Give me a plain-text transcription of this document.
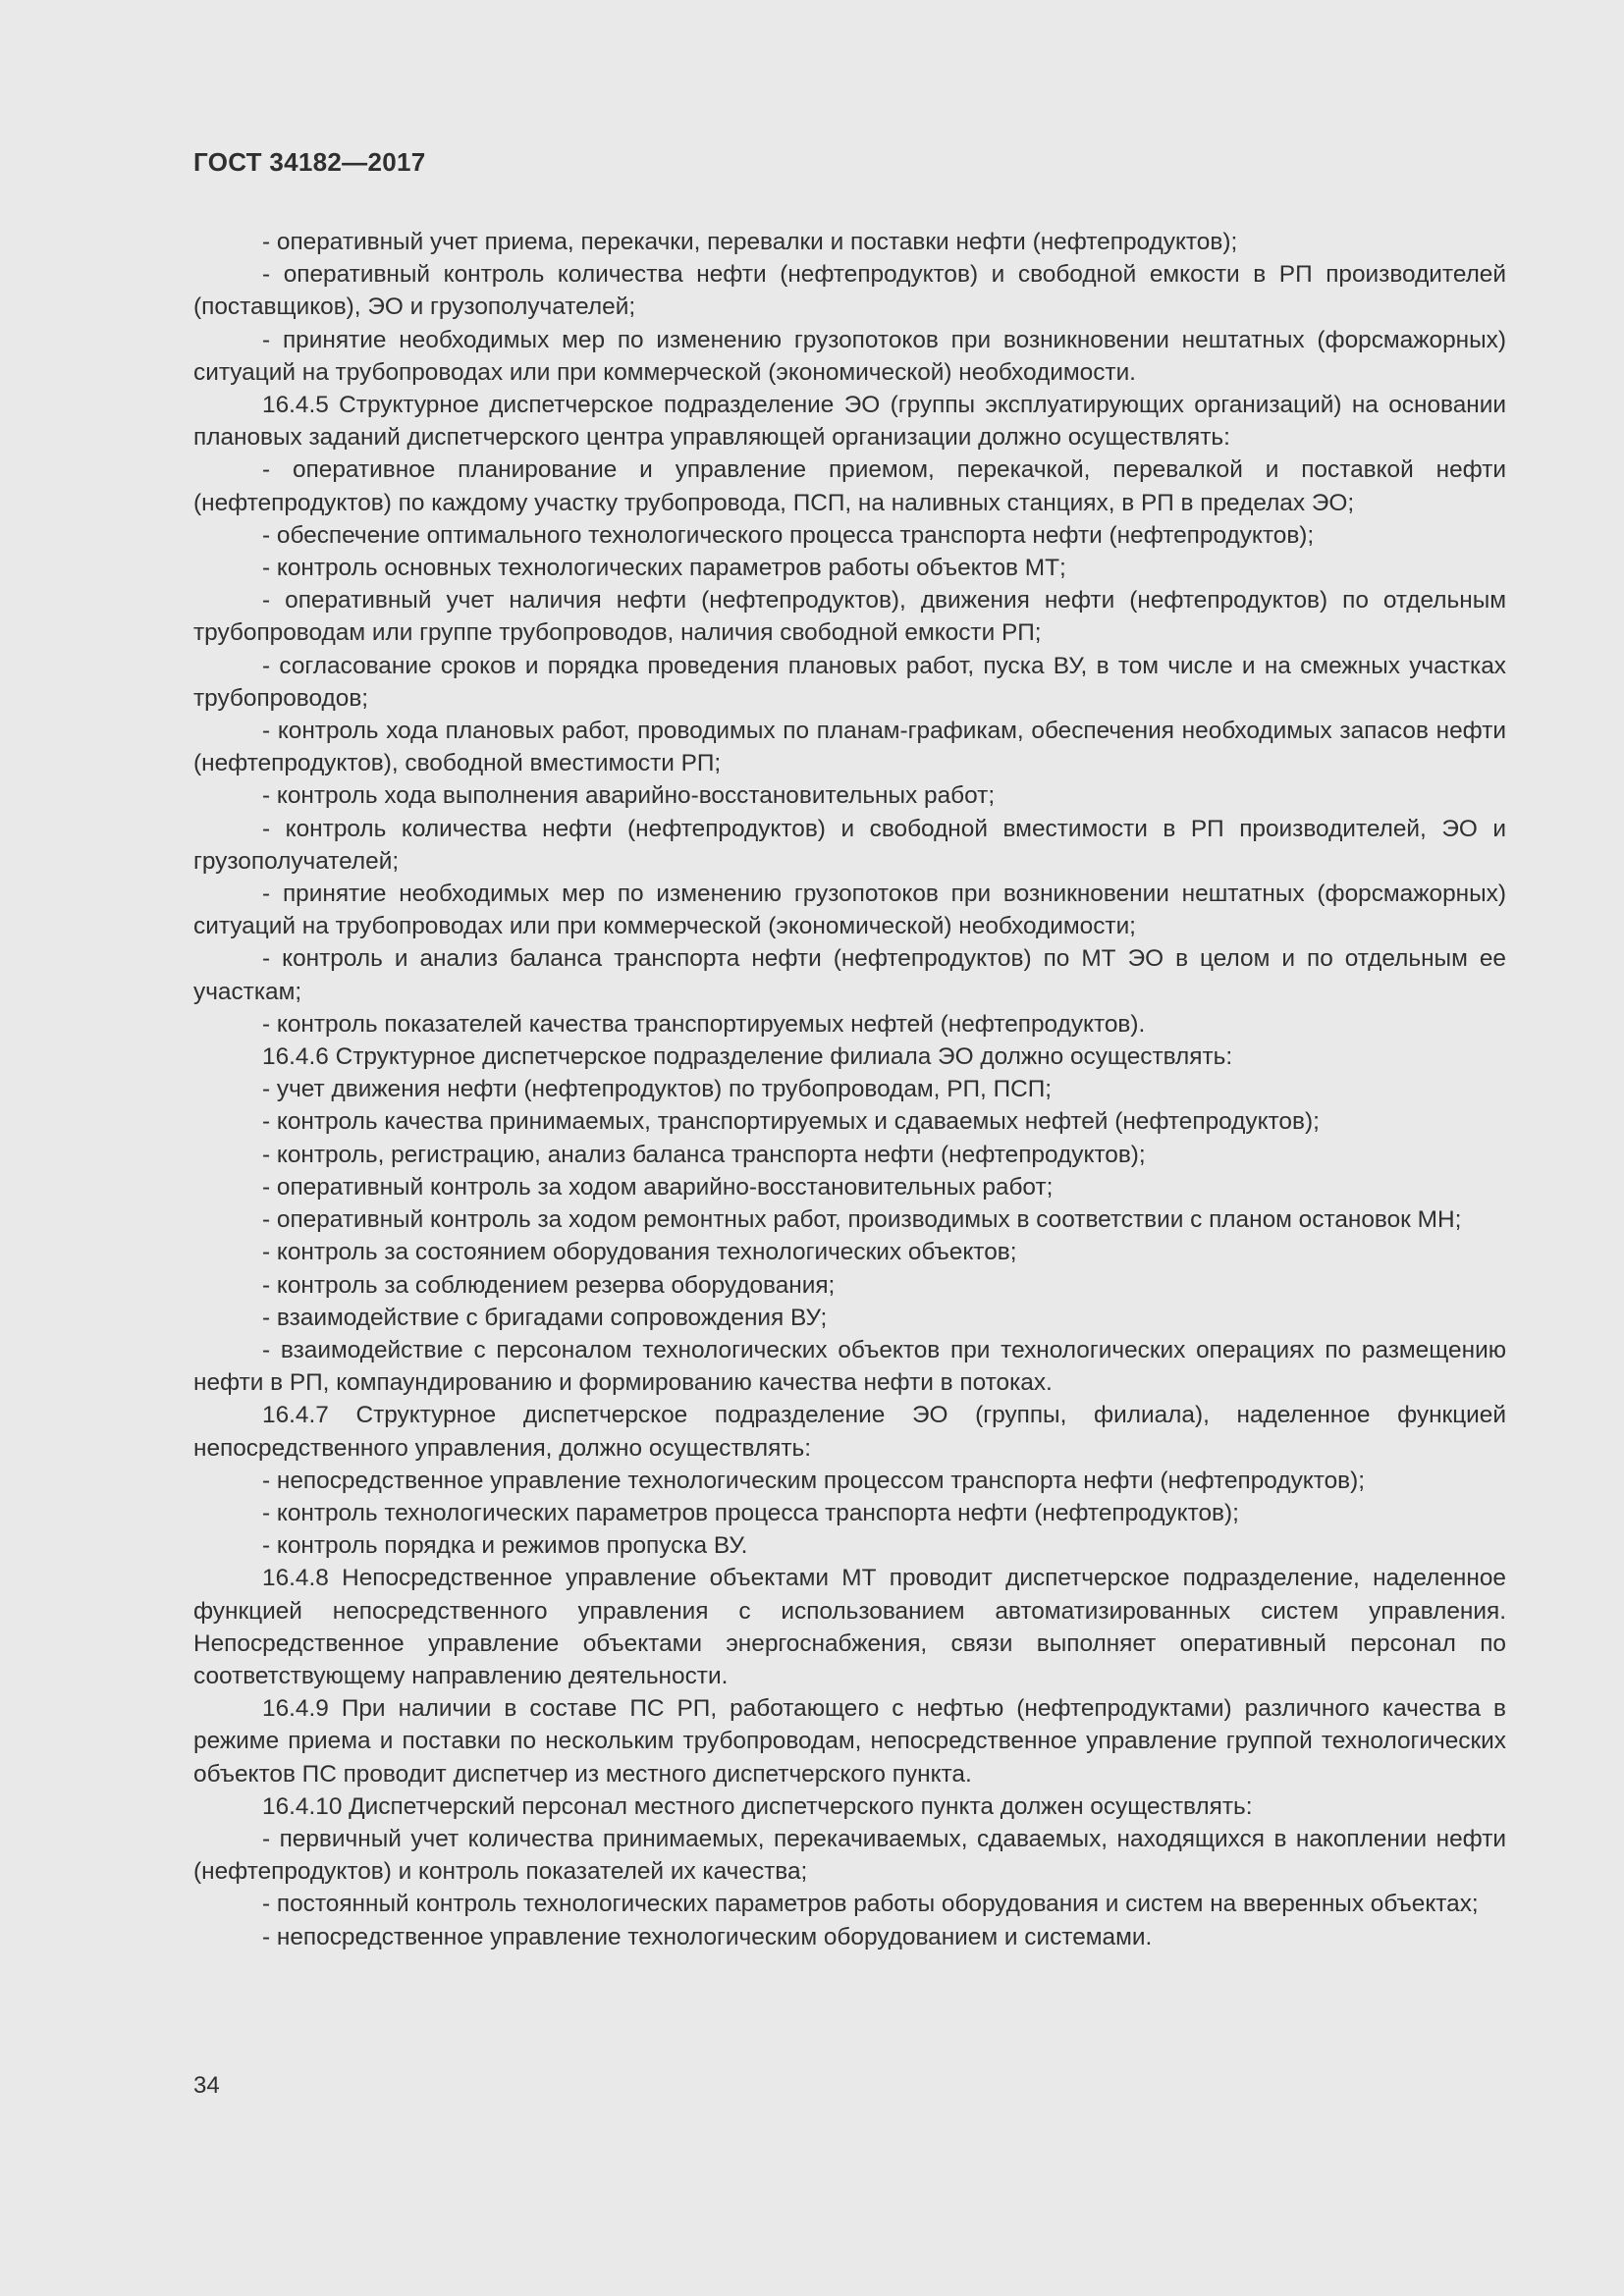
ГОСТ 34182—2017
- оперативный учет приема, перекачки, перевалки и поставки нефти (нефтепродуктов);
- оперативный контроль количества нефти (нефтепродуктов) и свободной емкости в РП производителей (поставщиков), ЭО и грузополучателей;
- принятие необходимых мер по изменению грузопотоков при возникновении нештатных (форсмажорных) ситуаций на трубопроводах или при коммерческой (экономической) необходимости.
16.4.5 Структурное диспетчерское подразделение ЭО (группы эксплуатирующих организаций) на основании плановых заданий диспетчерского центра управляющей организации должно осуществлять:
- оперативное планирование и управление приемом, перекачкой, перевалкой и поставкой нефти (нефтепродуктов) по каждому участку трубопровода, ПСП, на наливных станциях, в РП в пределах ЭО;
- обеспечение оптимального технологического процесса транспорта нефти (нефтепродуктов);
- контроль основных технологических параметров работы объектов МТ;
- оперативный учет наличия нефти (нефтепродуктов), движения нефти (нефтепродуктов) по отдельным трубопроводам или группе трубопроводов, наличия свободной емкости РП;
- согласование сроков и порядка проведения плановых работ, пуска ВУ, в том числе и на смежных участках трубопроводов;
- контроль хода плановых работ, проводимых по планам-графикам, обеспечения необходимых запасов нефти (нефтепродуктов), свободной вместимости РП;
- контроль хода выполнения аварийно-восстановительных работ;
- контроль количества нефти (нефтепродуктов) и свободной вместимости в РП производителей, ЭО и грузополучателей;
- принятие необходимых мер по изменению грузопотоков при возникновении нештатных (форсмажорных) ситуаций на трубопроводах или при коммерческой (экономической) необходимости;
- контроль и анализ баланса транспорта нефти (нефтепродуктов) по МТ ЭО в целом и по отдельным ее участкам;
- контроль показателей качества транспортируемых нефтей (нефтепродуктов).
16.4.6 Структурное диспетчерское подразделение филиала ЭО должно осуществлять:
- учет движения нефти (нефтепродуктов) по трубопроводам, РП, ПСП;
- контроль качества принимаемых, транспортируемых и сдаваемых нефтей (нефтепродуктов);
- контроль, регистрацию, анализ баланса транспорта нефти (нефтепродуктов);
- оперативный контроль за ходом аварийно-восстановительных работ;
- оперативный контроль за ходом ремонтных работ, производимых в соответствии с планом остановок МН;
- контроль за состоянием оборудования технологических объектов;
- контроль за соблюдением резерва оборудования;
- взаимодействие с бригадами сопровождения ВУ;
- взаимодействие с персоналом технологических объектов при технологических операциях по размещению нефти в РП, компаундированию и формированию качества нефти в потоках.
16.4.7 Структурное диспетчерское подразделение ЭО (группы, филиала), наделенное функцией непосредственного управления, должно осуществлять:
- непосредственное управление технологическим процессом транспорта нефти (нефтепродуктов);
- контроль технологических параметров процесса транспорта нефти (нефтепродуктов);
- контроль порядка и режимов пропуска ВУ.
16.4.8 Непосредственное управление объектами МТ проводит диспетчерское подразделение, наделенное функцией непосредственного управления с использованием автоматизированных систем управления. Непосредственное управление объектами энергоснабжения, связи выполняет оперативный персонал по соответствующему направлению деятельности.
16.4.9 При наличии в составе ПС РП, работающего с нефтью (нефтепродуктами) различного качества в режиме приема и поставки по нескольким трубопроводам, непосредственное управление группой технологических объектов ПС проводит диспетчер из местного диспетчерского пункта.
16.4.10 Диспетчерский персонал местного диспетчерского пункта должен осуществлять:
- первичный учет количества принимаемых, перекачиваемых, сдаваемых, находящихся в накоплении нефти (нефтепродуктов) и контроль показателей их качества;
- постоянный контроль технологических параметров работы оборудования и систем на вверенных объектах;
- непосредственное управление технологическим оборудованием и системами.
34
